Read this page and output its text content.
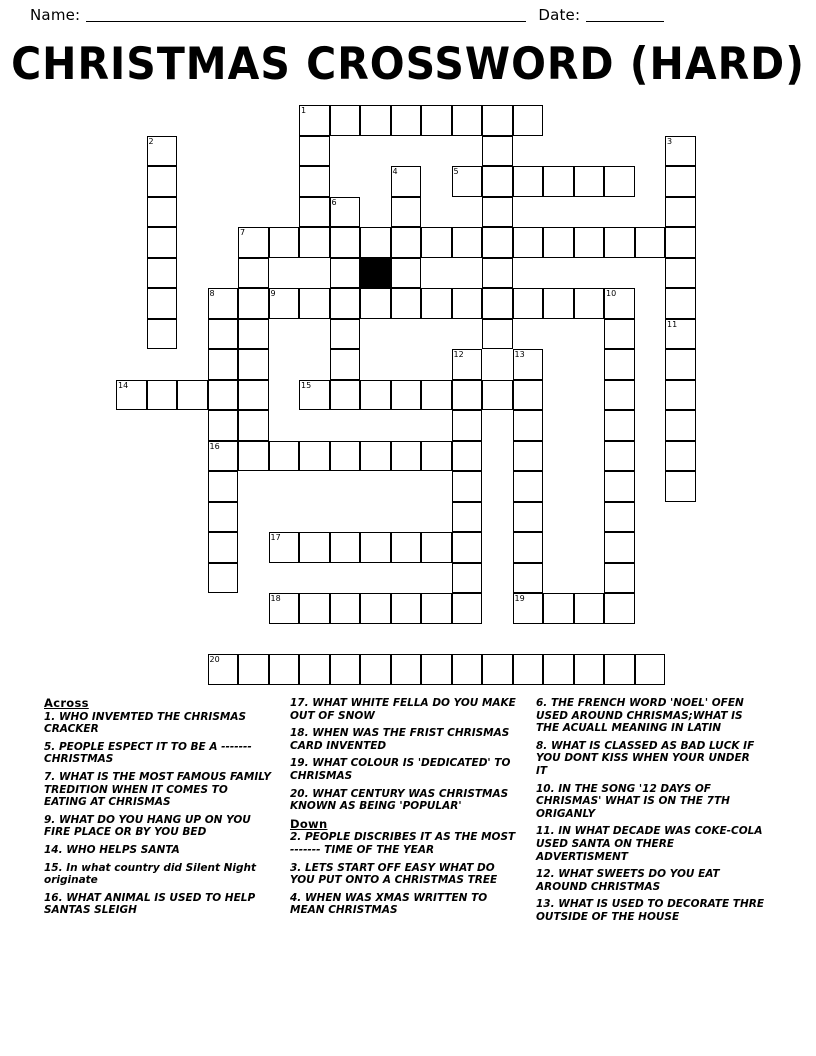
Name:	Date:
CHRISTMAS CROSSWORD (HARD)
1
2	3
4	5
6
7
8	9	10
11
12	13
14	15
16
17
18	19
20
Across
1. WHO INVEMTED THE CHRISMAS CRACKER
5. PEOPLE ESPECT IT TO BE A ------- CHRISTMAS
7. WHAT IS THE MOST FAMOUS FAMILY TREDITION WHEN IT COMES TO EATING AT CHRISMAS
9. WHAT DO YOU HANG UP ON YOU FIRE PLACE OR BY YOU BED
14. WHO HELPS SANTA
15. In what country did Silent Night originate
16. WHAT ANIMAL IS USED TO HELP SANTAS SLEIGH
17. WHAT WHITE FELLA DO YOU MAKE OUT OF SNOW
18. WHEN WAS THE FRIST CHRISMAS CARD INVENTED
19. WHAT COLOUR IS 'DEDICATED' TO CHRISMAS
20. WHAT CENTURY WAS CHRISTMAS KNOWN AS BEING 'POPULAR'
Down
2. PEOPLE DISCRIBES IT AS THE MOST ------- TIME OF THE YEAR
3. LETS START OFF EASY WHAT DO YOU PUT ONTO A CHRISTMAS TREE
4. WHEN WAS XMAS WRITTEN TO MEAN CHRISTMAS
6. THE FRENCH WORD 'NOEL' OFEN USED AROUND CHRISMAS;WHAT IS THE ACUALL MEANING IN LATIN
8. WHAT IS CLASSED AS BAD LUCK IF YOU DONT KISS WHEN YOUR UNDER IT
10. IN THE SONG '12 DAYS OF CHRISMAS' WHAT IS ON THE 7TH ORIGANLY
11. IN WHAT DECADE WAS COKE-COLA USED SANTA ON THERE ADVERTISMENT
12. WHAT SWEETS DO YOU EAT AROUND CHRISTMAS
13. WHAT IS USED TO DECORATE THRE OUTSIDE OF THE HOUSE
